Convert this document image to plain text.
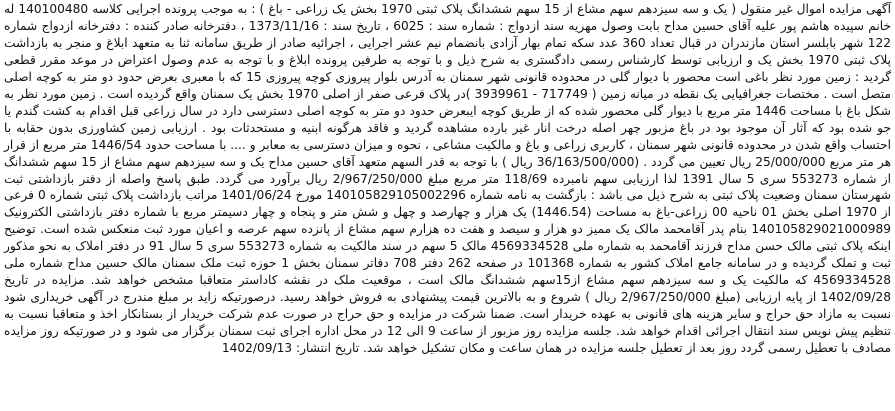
آگهی مزایده اموال غیر منقول ( یک و سه سیزدهم سهم مشاع از 15 سهم ششدانگ پلاک ثبتی 1970 بخش یک زراعی - باغ ) : به موجب پرونده اجرایی کلاسه 140100480 له خانم سپیده هاشم پور علیه آقای حسین مداح بابت وصول مهریه سند ازدواج : شماره سند : 6025 ، تاریخ سند : 1373/11/16 ، دفترخانه صادر کننده : دفترخانه ازدواج شماره 122 شهر بابلسر استان مازندران در قبال تعداد 360 عدد سکه تمام بهار آزادی بانضمام نیم عشر اجرایی ، اجرائیه صادر از طریق سامانه ثنا به متعهد ابلاغ و منجر به بازداشت پلاک ثبتی 1970 بخش یک و ارزیابی توسط کارشناس رسمی دادگستری به شرح ذیل و با توجه به طرفین پرونده ابلاغ و با توجه به عدم وصول اعتراض در موعد مقرر قطعی گردید : زمین مورد نظر باغی است محصور با دیوار گلی در محدوده قانونی شهر سمنان به آدرس بلوار پیروزی کوچه پیروزی 15 که با معبری بعرض حدود دو متر به کوچه اصلی متصل است . مختصات جغرافیایی یک نقطه در میانه زمین ( 717749 - 3939961 )در پلاک فرعی صفر از اصلی 1970 بخش یک سمنان واقع گردیده است . زمین مورد نظر به شکل باغ با مساحت 1446 متر مربع با دیوار گلی محصور شده که از طریق کوچه ایبعرض حدود دو متر به کوچه اصلی دسترسی دارد در سال زراعی قبل اقدام به کشت گندم یا جو شده بود که آثار آن موجود بود در باغ مزبور چهر اصله درخت انار غیر بارده مشاهده گردید و فاقد هرگونه ابنیه و مستحدثات بود . ارزیابی زمین کشاورزی بدون حقابه با احتساب واقع شدن در محدوده قانونی شهر سمنان ، کاربری زراعی و باغ و مالکیت مشاعی ، نحوه و میزان دسترسی به معابر و .... با مساحت حدود 1446/54 متر مربع از قرار هر متر مربع 25/000/000 ریال تعیین می گردد . (36/163/500/000 ریال ) با توجه به قدر السهم متعهد آقای حسین مداح یک و سه سیزدهم سهم مشاع از 15 سهم ششدانگ از شماره 553273 سری 5 سال 1391 لذا ارزیابی سهم نامبرده 118/69 متر مربع مبلغ 2/967/250/000 ریال برآورد می گردد. طبق پاسخ واصله از دفتر بازداشتی ثبت شهرستان سمنان وضعیت پلاک ثبتی به شرح ذیل می باشد : بازگشت به نامه شماره 140105829105002296 مورخ 1401/06/24 مراتب بازداشت پلاک ثبتی شماره 0 فرعی از 1970 اصلی بخش 01 ناحیه 00 زراعی-باغ به مساحت (1446.54) یک هزار و چهارصد و چهل و شش متر و پنجاه و چهار دسیمتر مربع با شماره دفتر بازداشتی الکترونیک 140105829021000989 بنام پدر آقامحمد مالک یک ممیز دو هزار و سیصد و هفت ده هزارم سهم مشاع از پانزده سهم عرصه و اعیان مورد ثبت منعکس شده است. توضیح اینکه پلاک ثبتی مالک حسن مداح فرزند آقامحمد به شماره ملی 4569334528 مالک 5 سهم در سند مالکیت به شماره 553273 سری 5 سال 91 در دفتر املاک به نحو مذکور ثبت و تملک گردیده و در سامانه جامع املاک کشور به شماره 101368 در صفحه 262 دفتر 708 دفاتر سمنان بخش 1 حوزه ثبت ملک سمنان مالک حسین مداح شماره ملی 4569334528 که مالکیت یک و سه سیزدهم سهم مشاع از15سهم ششدانگ مالک است ، موقعیت ملک در نقشه کاداستر متعاقبا مشخص خواهد شد. مزایده در تاریخ 1402/09/28 از پایه ارزیابی (مبلغ 2/967/250/000 ریال ) شروع و به بالاترین قیمت پیشنهادی به فروش خواهد رسید. درصورتیکه زاید بر مبلغ مندرج در آگهی خریداری شود نسبت به مازاد حق حراج و سایر هزینه های قانونی به عهده خریدار است. ضمنا شرکت در مزایده و حق حراج در صورت عدم شرکت خریدار از بستانکار اخذ و متعاقبا نسبت به تنظیم پیش نویس سند انتقال اجرائی اقدام خواهد شد. جلسه مزایده روز مزبور از ساعت 9 الی 12 در محل اداره اجرای ثبت سمنان برگزار می شود و در صورتیکه روز مزایده مصادف با تعطیل رسمی گردد روز بعد از تعطیل جلسه مزایده در همان ساعت و مکان تشکیل خواهد شد. تاریخ انتشار: 1402/09/13
